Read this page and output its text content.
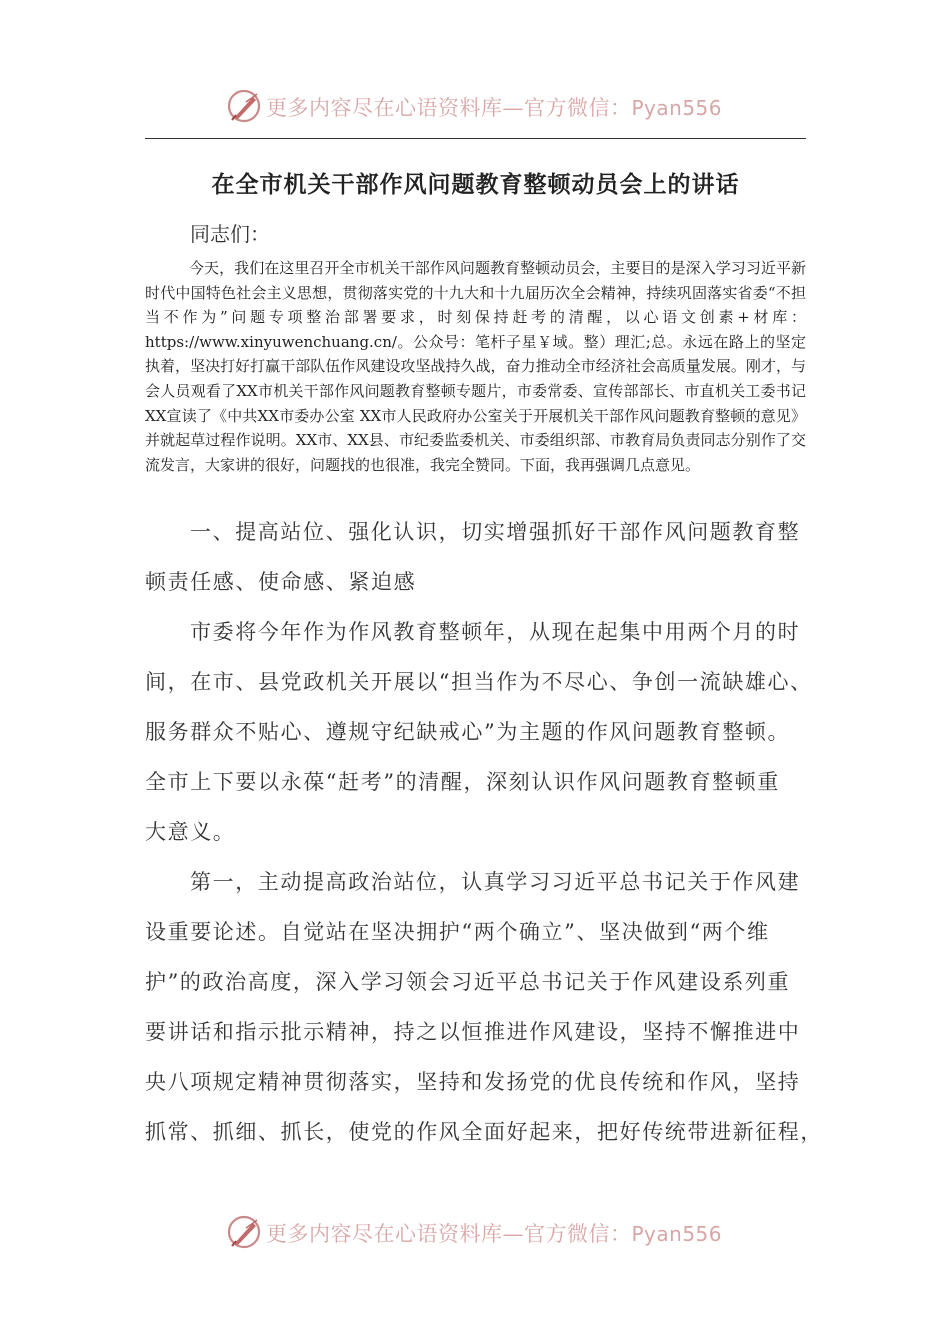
更多内容尽在心语资料库—官方微信：Pyan556
在全市机关干部作风问题教育整顿动员会上的讲话
同志们：
今天，我们在这里召开全市机关干部作风问题教育整顿动员会，主要目的是深入学习习近平新时代中国特色社会主义思想，贯彻落实党的十九大和十九届历次全会精神，持续巩固落实省委“不担当不作为”问题专项整治部署要求，时刻保持赶考的清醒，以心语文创素+材库：https://www.xinyuwenchuang.cn/。公众号：笔杆子星￥域。整）理汇;总。永远在路上的坚定执着，坚决打好打赢干部队伍作风建设攻坚战持久战，奋力推动全市经济社会高质量发展。刚才，与会人员观看了XX市机关干部作风问题教育整顿专题片，市委常委、宣传部部长、市直机关工委书记 XX宣读了《中共XX市委办公室 XX市人民政府办公室关于开展机关干部作风问题教育整顿的意见》并就起草过程作说明。XX市、XX县、市纪委监委机关、市委组织部、市教育局负责同志分别作了交流发言，大家讲的很好，问题找的也很准，我完全赞同。下面，我再强调几点意见。
一、提高站位、强化认识，切实增强抓好干部作风问题教育整
顿责任感、使命感、紧迫感
市委将今年作为作风教育整顿年，从现在起集中用两个月的时
间，在市、县党政机关开展以“担当作为不尽心、争创一流缺雄心、
服务群众不贴心、遵规守纪缺戒心”为主题的作风问题教育整顿。
全市上下要以永葆“赶考”的清醒，深刻认识作风问题教育整顿重
大意义。
第一，主动提高政治站位，认真学习习近平总书记关于作风建
设重要论述。自觉站在坚决拥护“两个确立”、坚决做到“两个维
护”的政治高度，深入学习领会习近平总书记关于作风建设系列重
要讲话和指示批示精神，持之以恒推进作风建设，坚持不懈推进中
央八项规定精神贯彻落实，坚持和发扬党的优良传统和作风，坚持
抓常、抓细、抓长，使党的作风全面好起来，把好传统带进新征程，
更多内容尽在心语资料库—官方微信：Pyan556
